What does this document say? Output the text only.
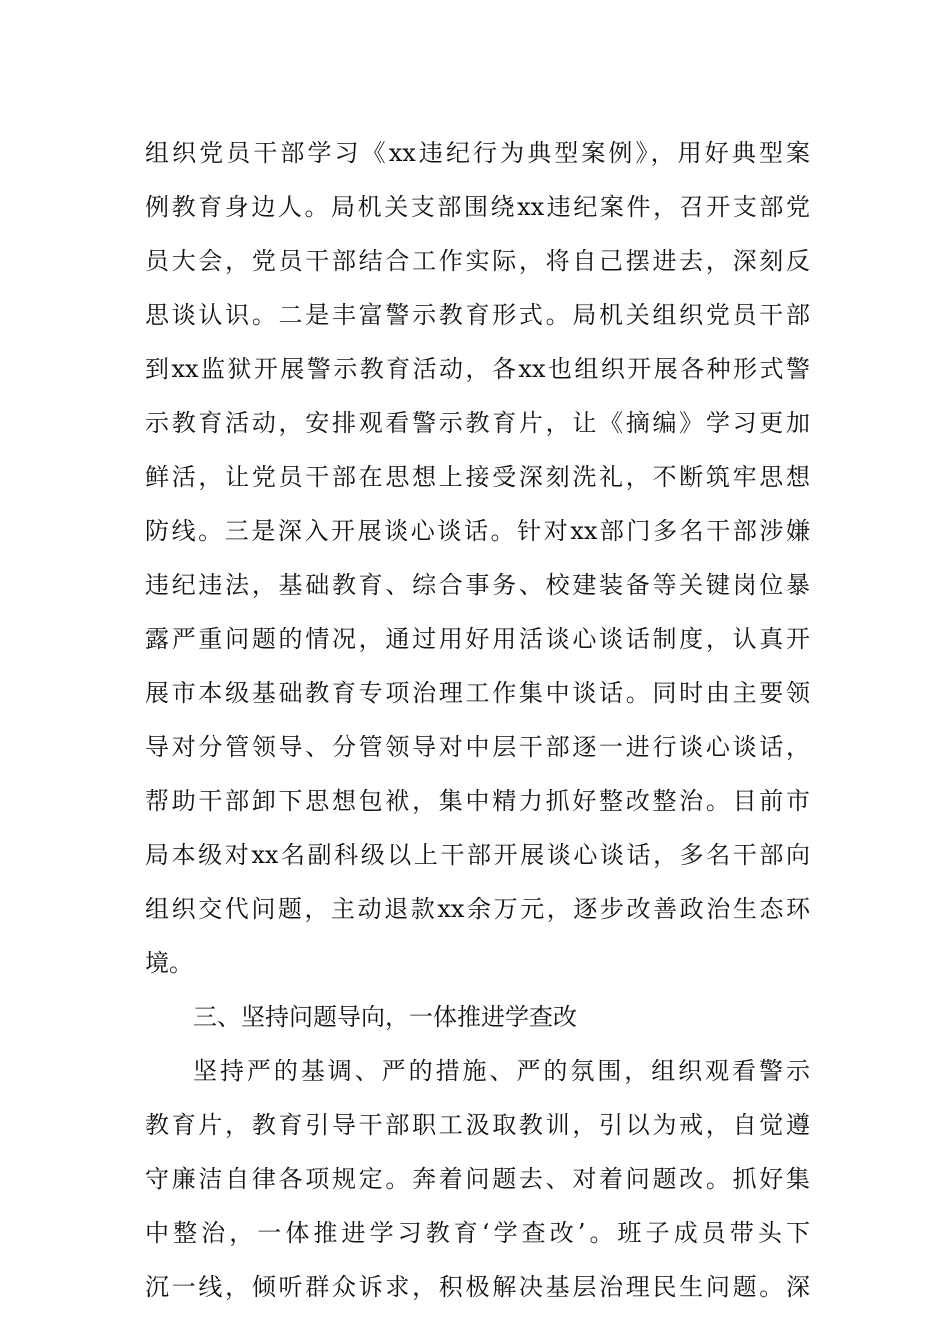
组织党员干部学习《xx违纪行为典型案例》，用好典型案
例教育身边人。局机关支部围绕xx违纪案件，召开支部党
员大会，党员干部结合工作实际，将自己摆进去，深刻反
思谈认识。二是丰富警示教育形式。局机关组织党员干部
到xx监狱开展警示教育活动，各xx也组织开展各种形式警
示教育活动，安排观看警示教育片，让《摘编》学习更加
鲜活，让党员干部在思想上接受深刻洗礼，不断筑牢思想
防线。三是深入开展谈心谈话。针对xx部门多名干部涉嫌
违纪违法，基础教育、综合事务、校建装备等关键岗位暴
露严重问题的情况，通过用好用活谈心谈话制度，认真开
展市本级基础教育专项治理工作集中谈话。同时由主要领
导对分管领导、分管领导对中层干部逐一进行谈心谈话，
帮助干部卸下思想包袱，集中精力抓好整改整治。目前市
局本级对xx名副科级以上干部开展谈心谈话，多名干部向
组织交代问题，主动退款xx余万元，逐步改善政治生态环
境。
三、坚持问题导向，一体推进学查改
坚持严的基调、严的措施、严的氛围，组织观看警示
教育片，教育引导干部职工汲取教训，引以为戒，自觉遵
守廉洁自律各项规定。奔着问题去、对着问题改。抓好集
中整治，一体推进学习教育‘学查改’。班子成员带头下
沉一线，倾听群众诉求，积极解决基层治理民生问题。深
